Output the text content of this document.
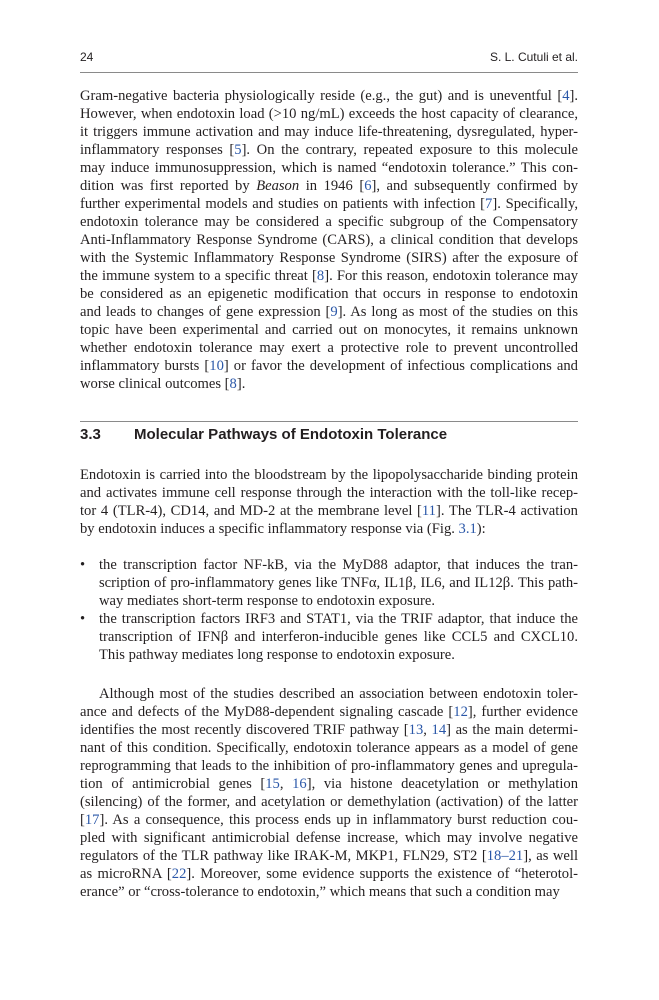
24	S. L. Cutuli et al.
Gram-negative bacteria physiologically reside (e.g., the gut) and is uneventful [4].
However, when endotoxin load (>10 ng/mL) exceeds the host capacity of clearance,
it triggers immune activation and may induce life-threatening, dysregulated, hyper-
inflammatory responses [5]. On the contrary, repeated exposure to this molecule
may induce immunosuppression, which is named “endotoxin tolerance.” This con-
dition was first reported by Beason in 1946 [6], and subsequently confirmed by
further experimental models and studies on patients with infection [7]. Specifically,
endotoxin tolerance may be considered a specific subgroup of the Compensatory
Anti-Inflammatory Response Syndrome (CARS), a clinical condition that develops
with the Systemic Inflammatory Response Syndrome (SIRS) after the exposure of
the immune system to a specific threat [8]. For this reason, endotoxin tolerance may
be considered as an epigenetic modification that occurs in response to endotoxin
and leads to changes of gene expression [9]. As long as most of the studies on this
topic have been experimental and carried out on monocytes, it remains unknown
whether endotoxin tolerance may exert a protective role to prevent uncontrolled
inflammatory bursts [10] or favor the development of infectious complications and
worse clinical outcomes [8].
3.3 Molecular Pathways of Endotoxin Tolerance
Endotoxin is carried into the bloodstream by the lipopolysaccharide binding protein
and activates immune cell response through the interaction with the toll-like recep-
tor 4 (TLR-4), CD14, and MD-2 at the membrane level [11]. The TLR-4 activation
by endotoxin induces a specific inflammatory response via (Fig. 3.1):
• the transcription factor NF-kB, via the MyD88 adaptor, that induces the tran-
scription of pro-inflammatory genes like TNFα, IL1β, IL6, and IL12β. This path-
way mediates short-term response to endotoxin exposure.
• the transcription factors IRF3 and STAT1, via the TRIF adaptor, that induce the
transcription of IFNβ and interferon-inducible genes like CCL5 and CXCL10.
This pathway mediates long response to endotoxin exposure.
Although most of the studies described an association between endotoxin toler-
ance and defects of the MyD88-dependent signaling cascade [12], further evidence
identifies the most recently discovered TRIF pathway [13, 14] as the main determi-
nant of this condition. Specifically, endotoxin tolerance appears as a model of gene
reprogramming that leads to the inhibition of pro-inflammatory genes and upregula-
tion of antimicrobial genes [15, 16], via histone deacetylation or methylation
(silencing) of the former, and acetylation or demethylation (activation) of the latter
[17]. As a consequence, this process ends up in inflammatory burst reduction cou-
pled with significant antimicrobial defense increase, which may involve negative
regulators of the TLR pathway like IRAK-M, MKP1, FLN29, ST2 [18–21], as well
as microRNA [22]. Moreover, some evidence supports the existence of “heterotol-
erance” or “cross-tolerance to endotoxin,” which means that such a condition may
